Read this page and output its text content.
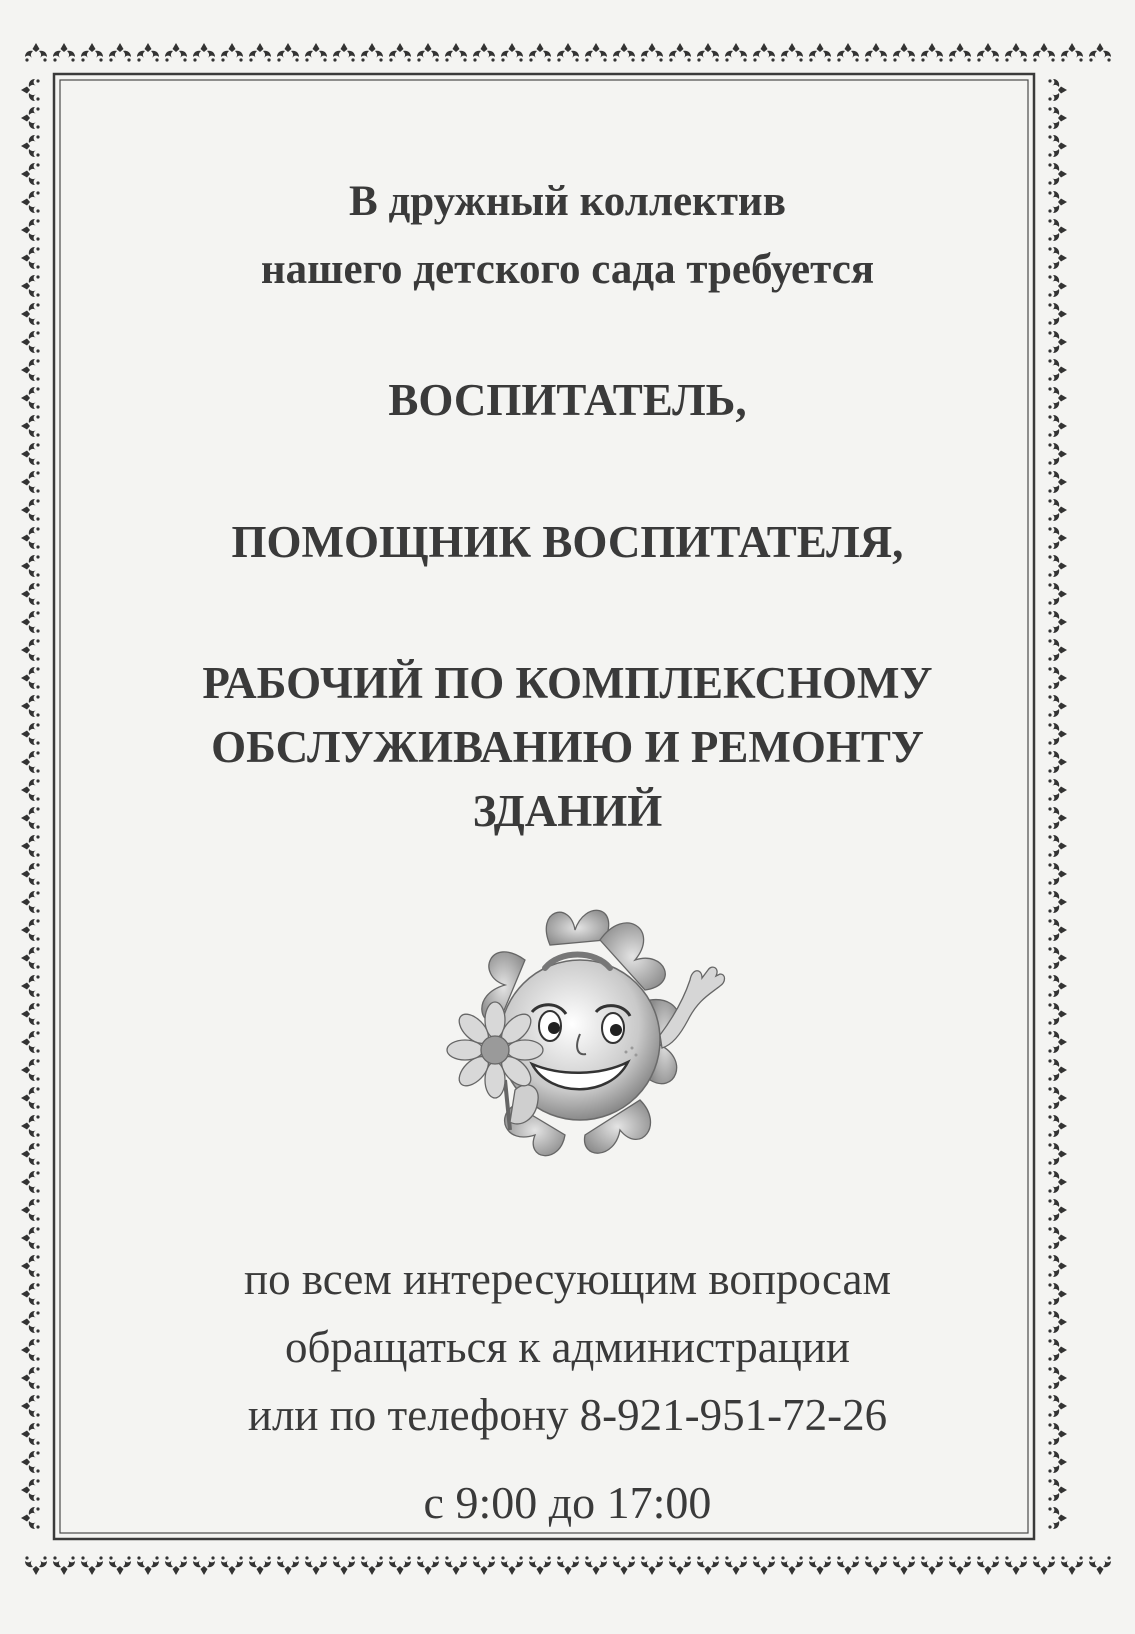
В дружный коллектив
нашего детского сада требуется
ВОСПИТАТЕЛЬ,
ПОМОЩНИК ВОСПИТАТЕЛЯ,
РАБОЧИЙ ПО КОМПЛЕКСНОМУ
ОБСЛУЖИВАНИЮ И РЕМОНТУ
ЗДАНИЙ
по всем интересующим вопросам
обращаться к администрации
или по телефону 8-921-951-72-26
с 9:00 до 17:00
